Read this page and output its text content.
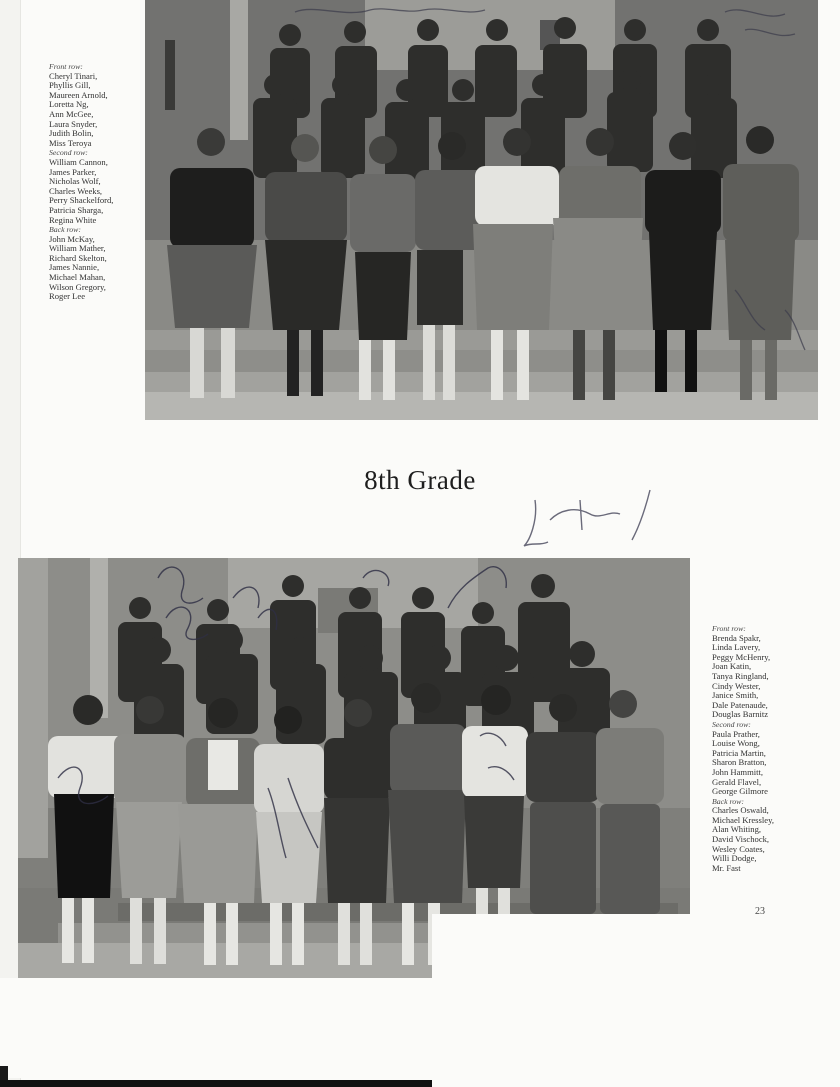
Front row:
Cheryl Tinari,
Phyllis Gill,
Maureen Arnold,
Loretta Ng,
Ann McGee,
Laura Snyder,
Judith Bolin,
Miss Teroya
Second row:
William Cannon,
James Parker,
Nicholas Wolf,
Charles Weeks,
Perry Shackelford,
Patricia Sharga,
Regina White
Back row:
John McKay,
William Mather,
Richard Skelton,
James Nannie,
Michael Mahan,
Wilson Gregory,
Roger Lee
8th Grade
Front row:
Brenda Spakr,
Linda Lavery,
Peggy McHenry,
Joan Katin,
Tanya Ringland,
Cindy Wester,
Janice Smith,
Dale Patenaude,
Douglas Barnitz
Second row:
Paula Prather,
Louise Wong,
Patricia Martin,
Sharon Bratton,
John Hammitt,
Gerald Flavel,
George Gilmore
Back row:
Charles Oswald,
Michael Kressley,
Alan Whiting,
David Vischock,
Wesley Coates,
Willi Dodge,
Mr. Fast
23
